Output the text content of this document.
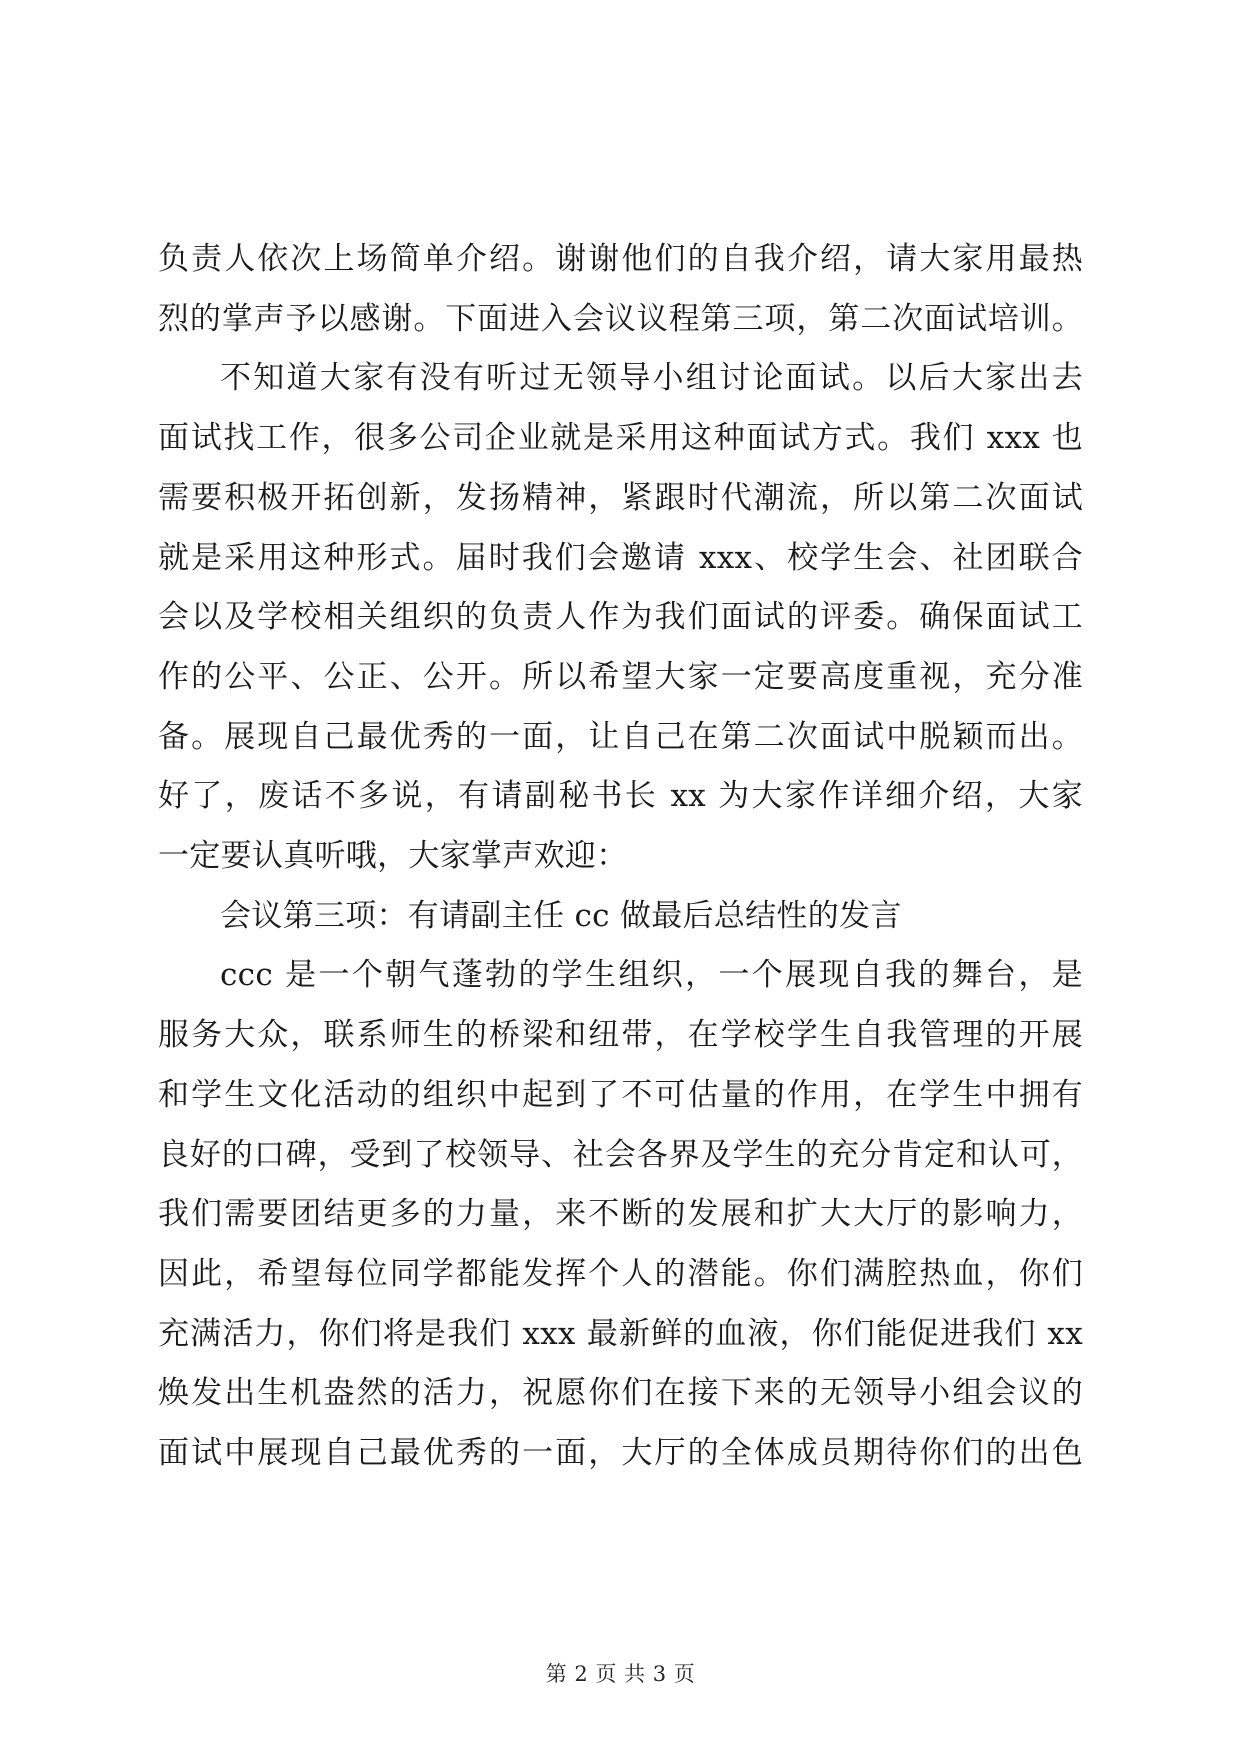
负责人依次上场简单介绍。谢谢他们的自我介绍，请大家用最热
烈的掌声予以感谢。下面进入会议议程第三项，第二次面试培训。
不知道大家有没有听过无领导小组讨论面试。以后大家出去
面试找工作，很多公司企业就是采用这种面试方式。我们 xxx 也
需要积极开拓创新，发扬精神，紧跟时代潮流，所以第二次面试
就是采用这种形式。届时我们会邀请 xxx、校学生会、社团联合
会以及学校相关组织的负责人作为我们面试的评委。确保面试工
作的公平、公正、公开。所以希望大家一定要高度重视，充分准
备。展现自己最优秀的一面，让自己在第二次面试中脱颖而出。
好了，废话不多说，有请副秘书长 xx 为大家作详细介绍，大家
一定要认真听哦，大家掌声欢迎：
会议第三项：有请副主任 cc 做最后总结性的发言
ccc 是一个朝气蓬勃的学生组织，一个展现自我的舞台，是
服务大众，联系师生的桥梁和纽带，在学校学生自我管理的开展
和学生文化活动的组织中起到了不可估量的作用，在学生中拥有
良好的口碑，受到了校领导、社会各界及学生的充分肯定和认可，
我们需要团结更多的力量，来不断的发展和扩大大厅的影响力，
因此，希望每位同学都能发挥个人的潜能。你们满腔热血，你们
充满活力，你们将是我们 xxx 最新鲜的血液，你们能促进我们 xx
焕发出生机盎然的活力，祝愿你们在接下来的无领导小组会议的
面试中展现自己最优秀的一面，大厅的全体成员期待你们的出色
第 2 页 共 3 页
